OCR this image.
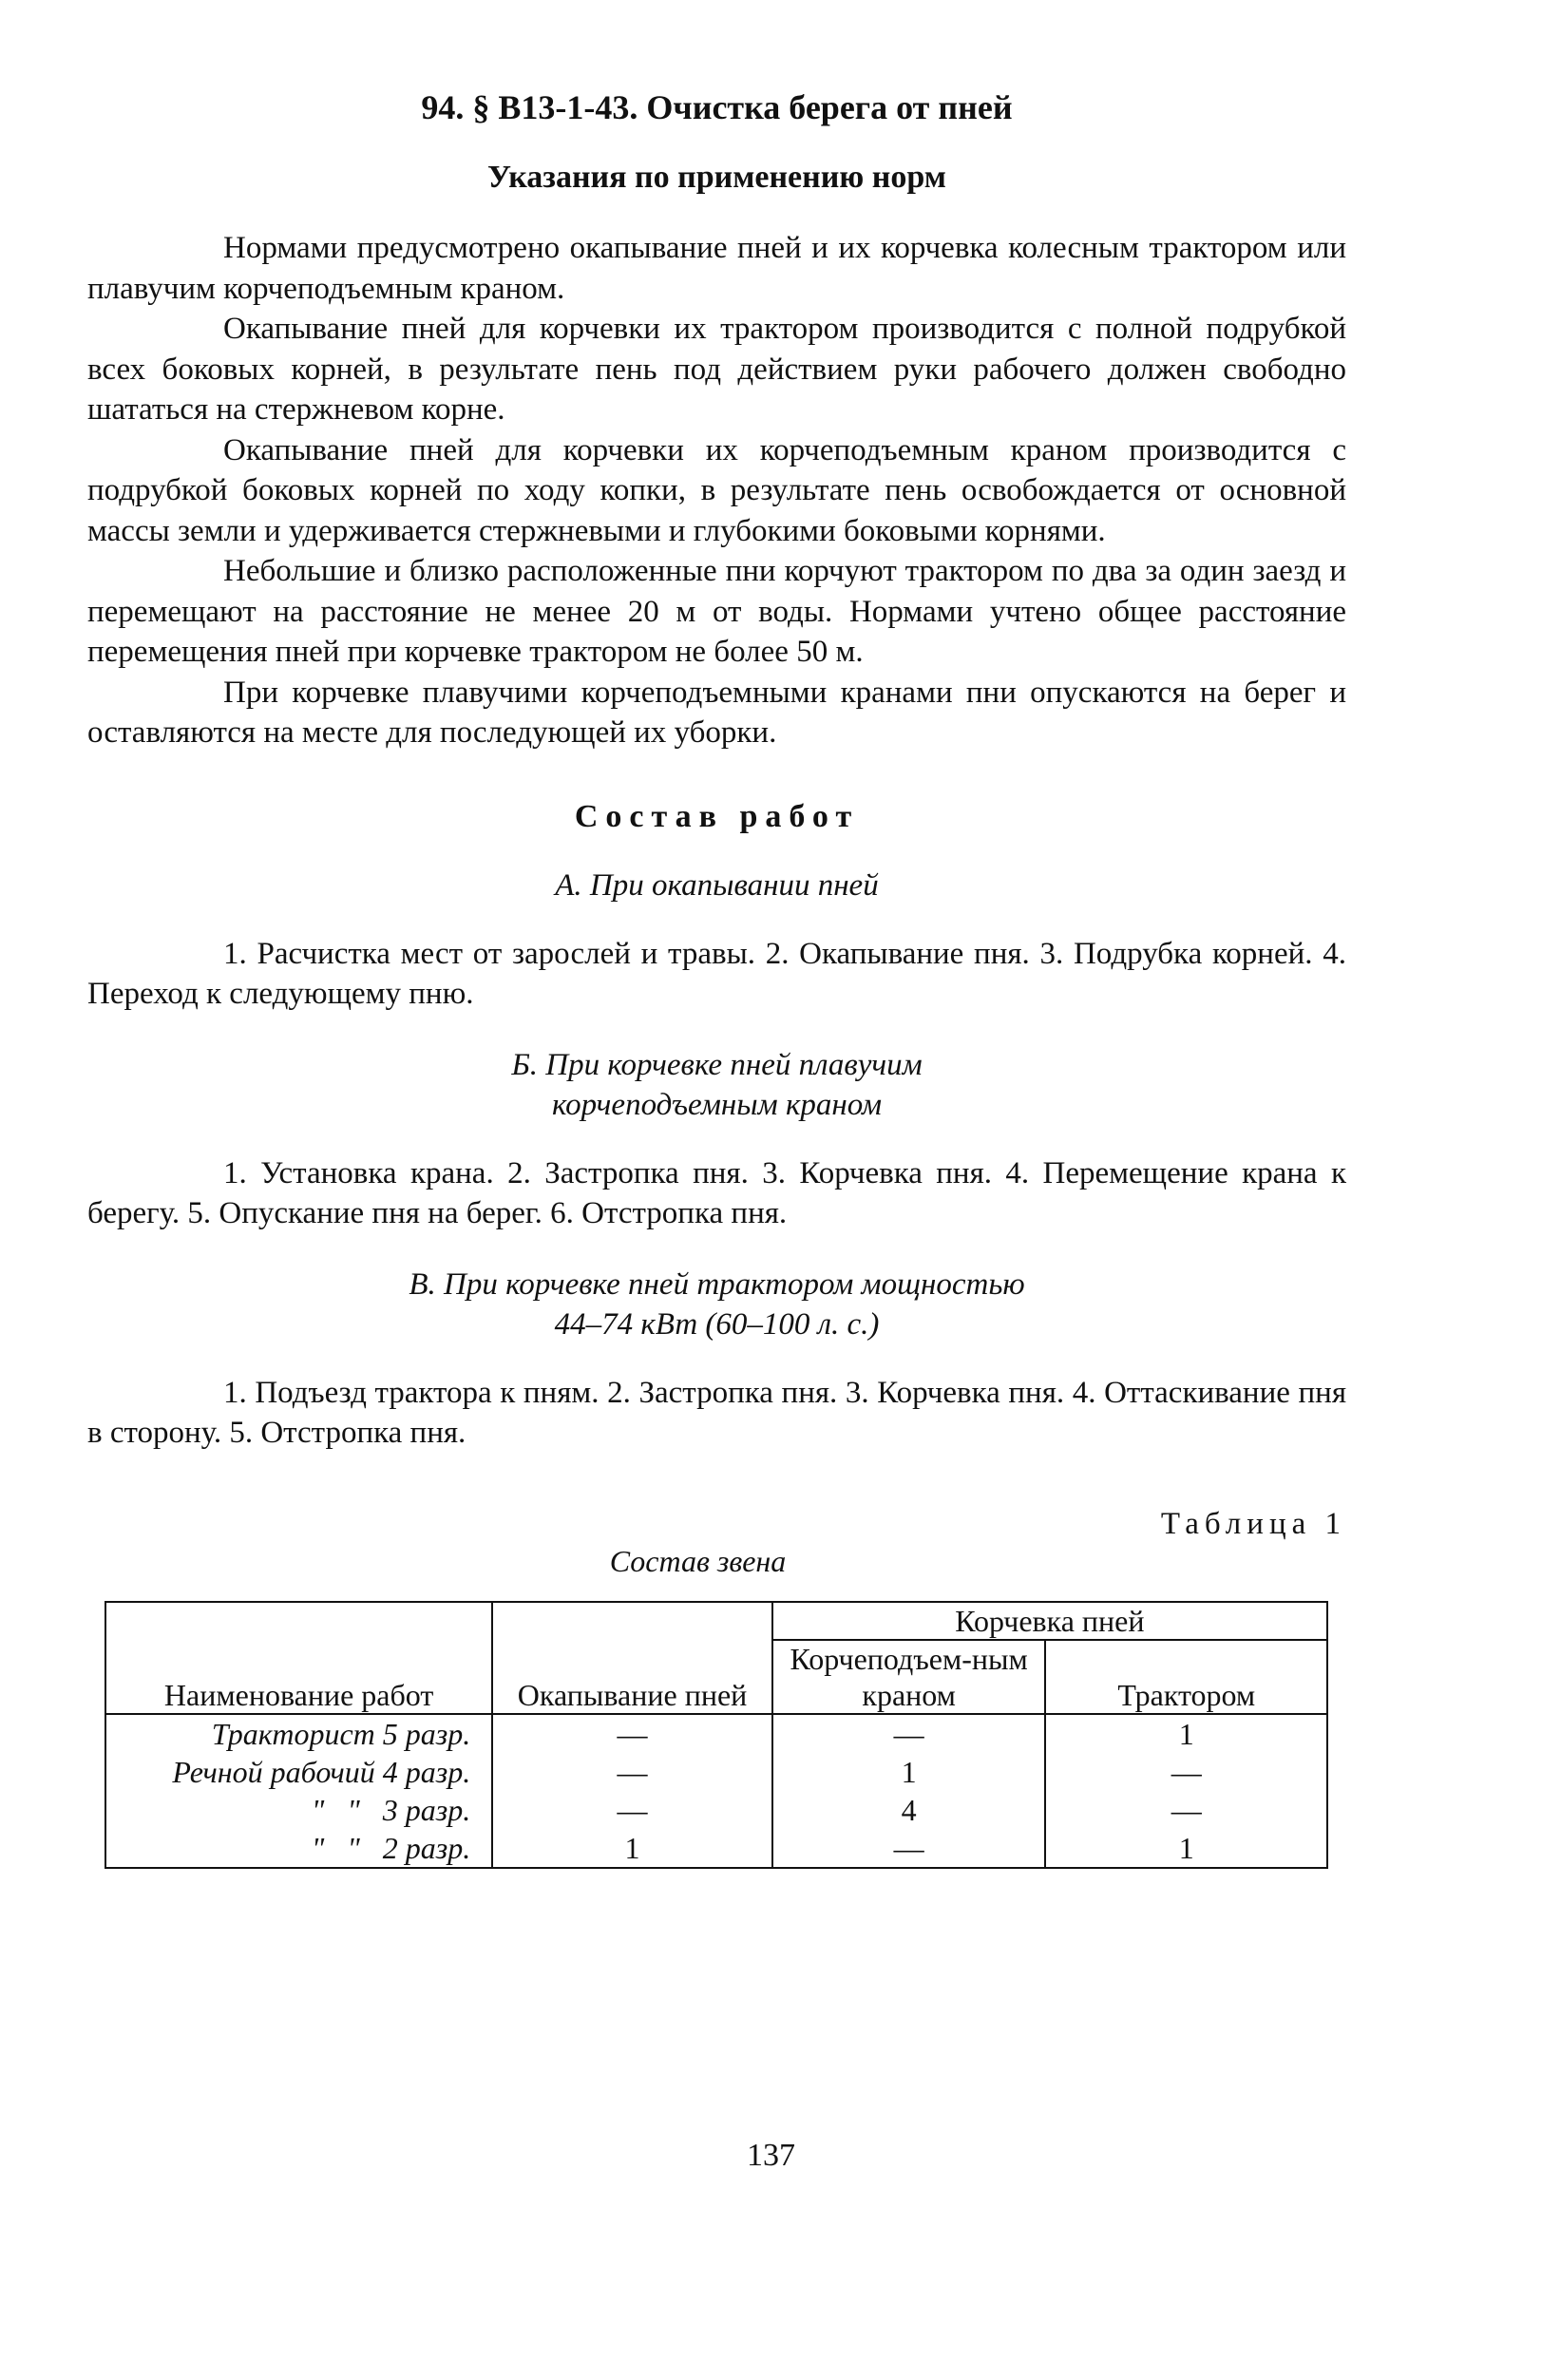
94. § В13-1-43. Очистка берега от пней
Указания по применению норм

Нормами предусмотрено окапывание пней и их корчевка колесным трактором или плавучим корчеподъемным краном.

Окапывание пней для корчевки их трактором производится с полной подрубкой всех боковых корней, в результате пень под действием руки рабочего должен свободно шататься на стержневом корне.

Окапывание пней для корчевки их корчеподъемным краном производится с подрубкой боковых корней по ходу копки, в результате пень освобождается от основной массы земли и удерживается стержневыми и глубокими боковыми корнями.

Небольшие и близко расположенные пни корчуют трактором по два за один заезд и перемещают на расстояние не менее 20 м от воды. Нормами учтено общее расстояние перемещения пней при корчевке трактором не более 50 м.

При корчевке плавучими корчеподъемными кранами пни опускаются на берег и оставляются на месте для последующей их уборки.

Состав работ
А. При окапывании пней

1. Расчистка мест от зарослей и травы. 2. Окапывание пня. 3. Подрубка корней. 4. Переход к следующему пню.

Б. При корчевке пней плавучим
корчеподъемным краном

1. Установка крана. 2. Застропка пня. 3. Корчевка пня. 4. Перемещение крана к берегу. 5. Опускание пня на берег. 6. Отстропка пня.

В. При корчевке пней трактором мощностью
44–74 кВт (60–100 л. с.)

1. Подъезд трактора к пням. 2. Застропка пня. 3. Корчевка пня. 4. Оттаскивание пня в сторону. 5. Отстропка пня.

Таблица 1
Состав звена
Наименование работ	Окапывание пней	Корчевка пней	
		Корчеподъем-ным краном	Трактором
Тракторист 5 разр.	—	—	1
Речной рабочий 4 разр.	—	1	—
"   "   3 разр.	—	4	—
"   "   2 разр.	1	—	1
137
